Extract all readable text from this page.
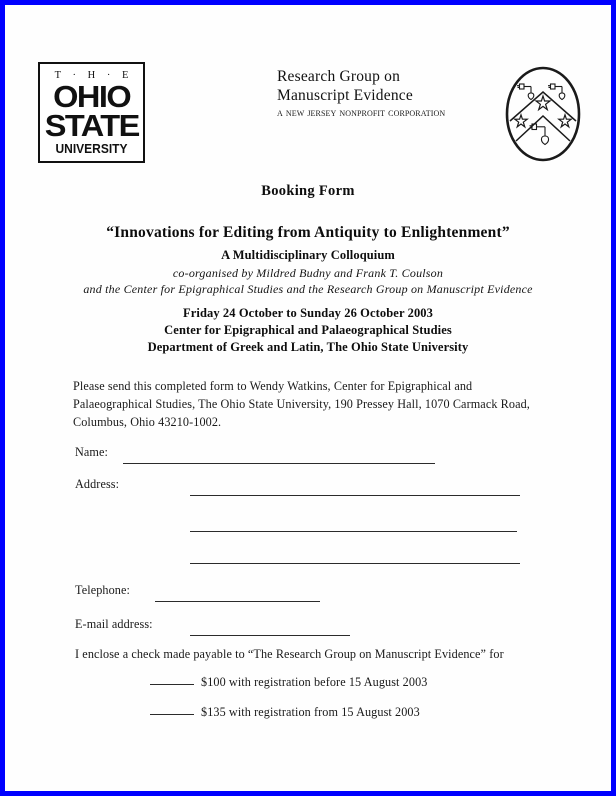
T · H · E
OHIO
STATE
UNIVERSITY
Research Group on
Manuscript Evidence
a new jersey nonprofit corporation
Booking Form
“Innovations for Editing from Antiquity to Enlightenment”
A Multidisciplinary Colloquium
co-organised by Mildred Budny and Frank T. Coulson
and the Center for Epigraphical Studies and the Research Group on Manuscript Evidence
Friday 24 October to Sunday 26 October 2003
Center for Epigraphical and Palaeographical Studies
Department of Greek and Latin, The Ohio State University
Please send this completed form to Wendy Watkins, Center for Epigraphical and Palaeographical Studies, The Ohio State University, 190 Pressey Hall, 1070 Carmack Road, Columbus, Ohio 43210-1002.
Name:
Address:
Telephone:
E-mail address:
I enclose a check made payable to “The Research Group on Manuscript Evidence” for
$100 with registration before 15 August 2003
$135 with registration from 15 August 2003
